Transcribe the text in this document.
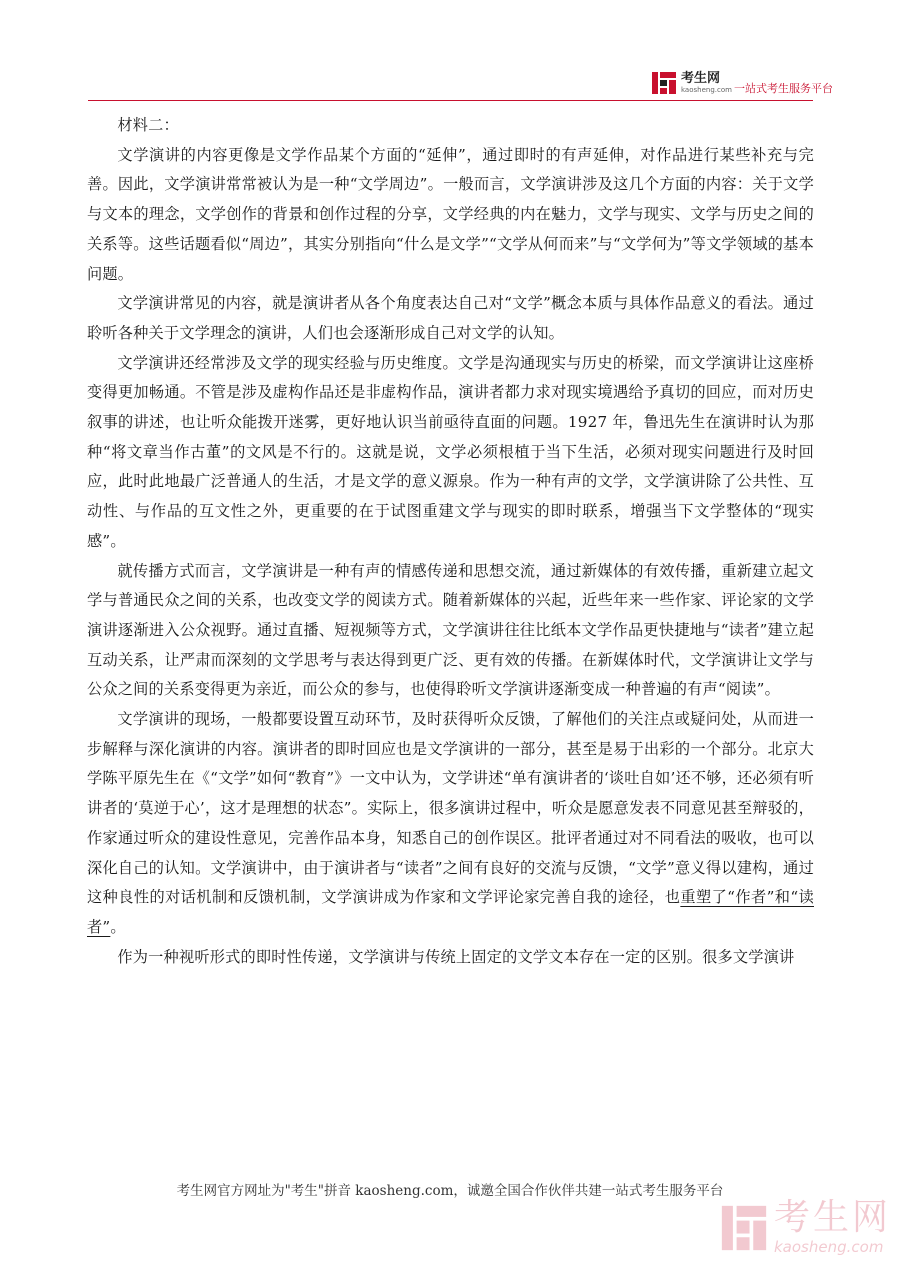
考生网
kaosheng.com 一站式考生服务平台

材料二：

文学演讲的内容更像是文学作品某个方面的“延伸”，通过即时的有声延伸，对作品进行某些补充与完善。因此，文学演讲常常被认为是一种“文学周边”。一般而言，文学演讲涉及这几个方面的内容：关于文学与文本的理念，文学创作的背景和创作过程的分享，文学经典的内在魅力，文学与现实、文学与历史之间的关系等。这些话题看似“周边”，其实分别指向“什么是文学”“文学从何而来”与“文学何为”等文学领域的基本问题。

文学演讲常见的内容，就是演讲者从各个角度表达自己对“文学”概念本质与具体作品意义的看法。通过聆听各种关于文学理念的演讲，人们也会逐渐形成自己对文学的认知。

文学演讲还经常涉及文学的现实经验与历史维度。文学是沟通现实与历史的桥梁，而文学演讲让这座桥变得更加畅通。不管是涉及虚构作品还是非虚构作品，演讲者都力求对现实境遇给予真切的回应，而对历史叙事的讲述，也让听众能拨开迷雾，更好地认识当前亟待直面的问题。1927 年，鲁迅先生在演讲时认为那种“将文章当作古董”的文风是不行的。这就是说，文学必须根植于当下生活，必须对现实问题进行及时回应，此时此地最广泛普通人的生活，才是文学的意义源泉。作为一种有声的文学，文学演讲除了公共性、互动性、与作品的互文性之外，更重要的在于试图重建文学与现实的即时联系，增强当下文学整体的“现实感”。

就传播方式而言，文学演讲是一种有声的情感传递和思想交流，通过新媒体的有效传播，重新建立起文学与普通民众之间的关系，也改变文学的阅读方式。随着新媒体的兴起，近些年来一些作家、评论家的文学演讲逐渐进入公众视野。通过直播、短视频等方式，文学演讲往往比纸本文学作品更快捷地与“读者”建立起互动关系，让严肃而深刻的文学思考与表达得到更广泛、更有效的传播。在新媒体时代，文学演讲让文学与公众之间的关系变得更为亲近，而公众的参与，也使得聆听文学演讲逐渐变成一种普遍的有声“阅读”。

文学演讲的现场，一般都要设置互动环节，及时获得听众反馈，了解他们的关注点或疑问处，从而进一步解释与深化演讲的内容。演讲者的即时回应也是文学演讲的一部分，甚至是易于出彩的一个部分。北京大学陈平原先生在《“文学”如何“教育”》一文中认为，文学讲述“单有演讲者的‘谈吐自如’还不够，还必须有听讲者的‘莫逆于心’，这才是理想的状态”。实际上，很多演讲过程中，听众是愿意发表不同意见甚至辩驳的，作家通过听众的建设性意见，完善作品本身，知悉自己的创作误区。批评者通过对不同看法的吸收，也可以深化自己的认知。文学演讲中，由于演讲者与“读者”之间有良好的交流与反馈，“文学”意义得以建构，通过这种良性的对话机制和反馈机制，文学演讲成为作家和文学评论家完善自我的途径，也重塑了“作者”和“读者”。

作为一种视听形式的即时性传递，文学演讲与传统上固定的文学文本存在一定的区别。很多文学演讲

考生网官方网址为"考生"拼音 kaosheng.com，诚邀全国合作伙伴共建一站式考生服务平台
考生网
kaosheng.com
